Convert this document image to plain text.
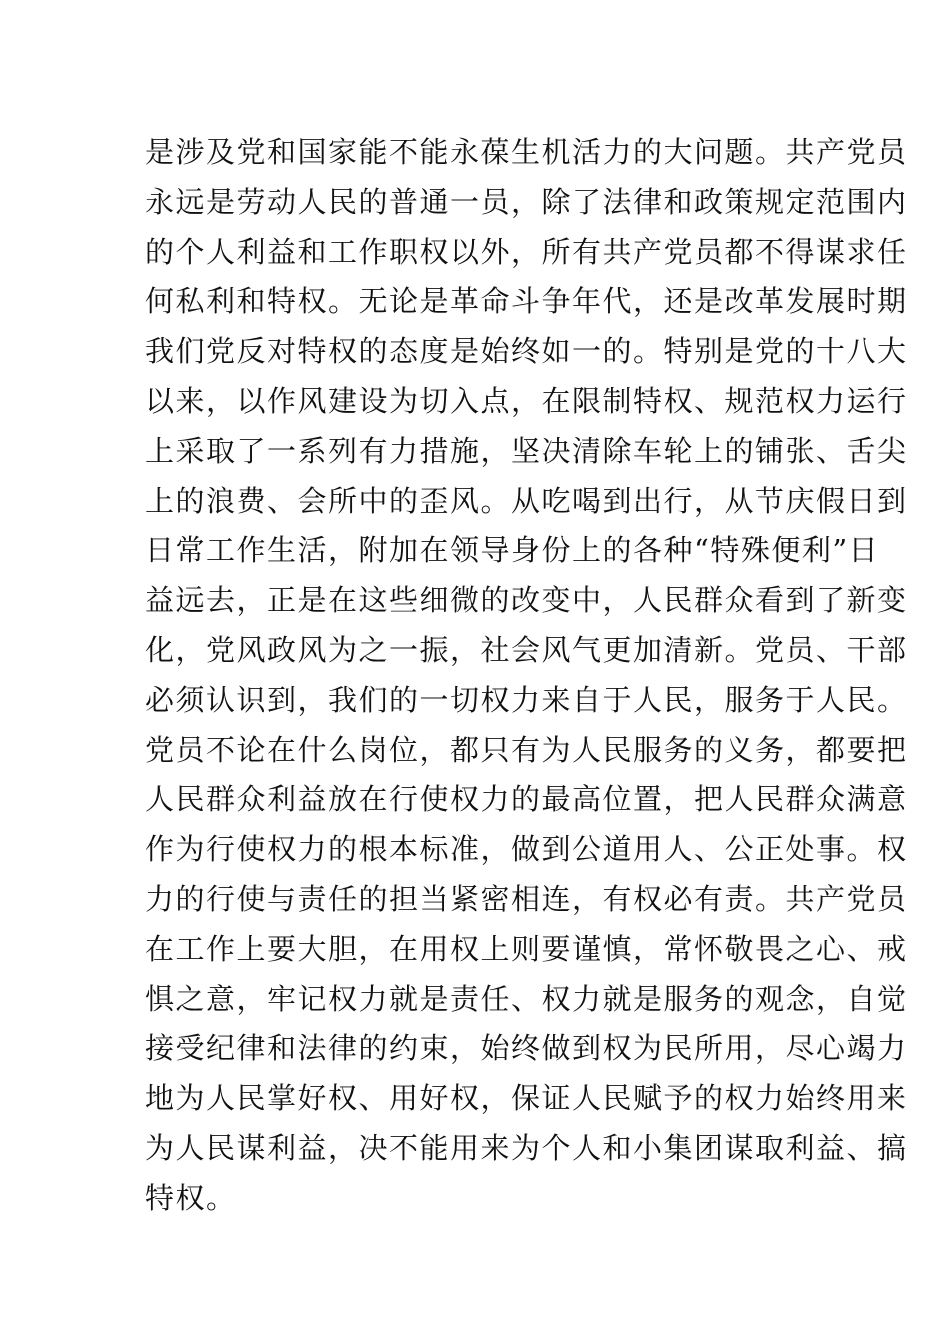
是涉及党和国家能不能永葆生机活力的大问题。共产党员
永远是劳动人民的普通一员，除了法律和政策规定范围内
的个人利益和工作职权以外，所有共产党员都不得谋求任
何私利和特权。无论是革命斗争年代，还是改革发展时期
我们党反对特权的态度是始终如一的。特别是党的十八大
以来，以作风建设为切入点，在限制特权、规范权力运行
上采取了一系列有力措施，坚决清除车轮上的铺张、舌尖
上的浪费、会所中的歪风。从吃喝到出行，从节庆假日到
日常工作生活，附加在领导身份上的各种“特殊便利”日
益远去，正是在这些细微的改变中，人民群众看到了新变
化，党风政风为之一振，社会风气更加清新。党员、干部
必须认识到，我们的一切权力来自于人民，服务于人民。
党员不论在什么岗位，都只有为人民服务的义务，都要把
人民群众利益放在行使权力的最高位置，把人民群众满意
作为行使权力的根本标准，做到公道用人、公正处事。权
力的行使与责任的担当紧密相连，有权必有责。共产党员
在工作上要大胆，在用权上则要谨慎，常怀敬畏之心、戒
惧之意，牢记权力就是责任、权力就是服务的观念，自觉
接受纪律和法律的约束，始终做到权为民所用，尽心竭力
地为人民掌好权、用好权，保证人民赋予的权力始终用来
为人民谋利益，决不能用来为个人和小集团谋取利益、搞
特权。
